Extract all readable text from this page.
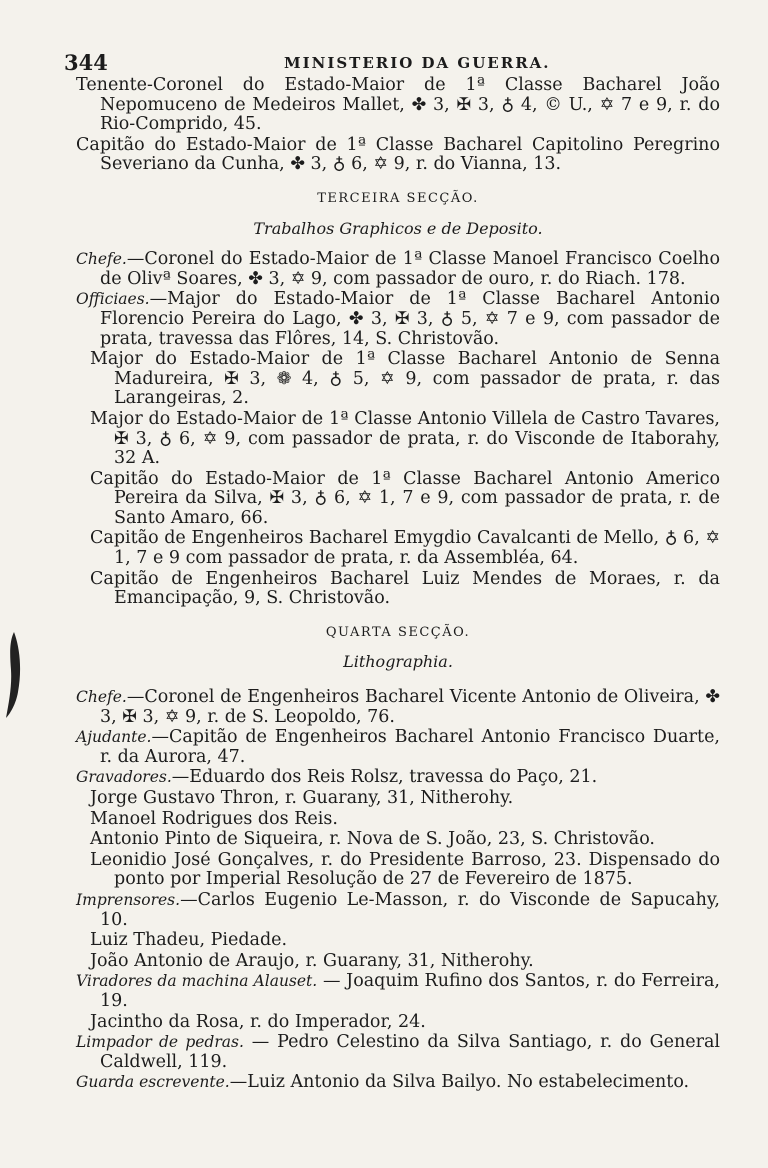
344	MINISTERIO DA GUERRA.

Tenente-Coronel do Estado-Maior de 1ª Classe Bacharel João Nepomuceno de Medeiros Mallet, ✤ 3, ✠ 3, ♁ 4, © U., ✡ 7 e 9, r. do Rio-Comprido, 45.

Capitão do Estado-Maior de 1ª Classe Bacharel Capitolino Peregrino Severiano da Cunha, ✤ 3, ♁ 6, ✡ 9, r. do Vianna, 13.

TERCEIRA SECÇÃO.
Trabalhos Graphicos e de Deposito.

Chefe.—Coronel do Estado-Maior de 1ª Classe Manoel Francisco Coelho de Olivª Soares, ✤ 3, ✡ 9, com passador de ouro, r. do Riach. 178.

Officiaes.—Major do Estado-Maior de 1ª Classe Bacharel Antonio Florencio Pereira do Lago, ✤ 3, ✠ 3, ♁ 5, ✡ 7 e 9, com passador de prata, travessa das Flôres, 14, S. Christovão.

Major do Estado-Maior de 1ª Classe Bacharel Antonio de Senna Madureira, ✠ 3, ❁ 4, ♁ 5, ✡ 9, com passador de prata, r. das Larangeiras, 2.

Major do Estado-Maior de 1ª Classe Antonio Villela de Castro Tavares, ✠ 3, ♁ 6, ✡ 9, com passador de prata, r. do Visconde de Itaborahy, 32 A.

Capitão do Estado-Maior de 1ª Classe Bacharel Antonio Americo Pereira da Silva, ✠ 3, ♁ 6, ✡ 1, 7 e 9, com passador de prata, r. de Santo Amaro, 66.

Capitão de Engenheiros Bacharel Emygdio Cavalcanti de Mello, ♁ 6, ✡ 1, 7 e 9 com passador de prata, r. da Assembléa, 64.

Capitão de Engenheiros Bacharel Luiz Mendes de Moraes, r. da Emancipação, 9, S. Christovão.

QUARTA SECÇÃO.
Lithographia.

Chefe.—Coronel de Engenheiros Bacharel Vicente Antonio de Oliveira, ✤ 3, ✠ 3, ✡ 9, r. de S. Leopoldo, 76.

Ajudante.—Capitão de Engenheiros Bacharel Antonio Francisco Duarte, r. da Aurora, 47.

Gravadores.—Eduardo dos Reis Rolsz, travessa do Paço, 21.

Jorge Gustavo Thron, r. Guarany, 31, Nitherohy.

Manoel Rodrigues dos Reis.

Antonio Pinto de Siqueira, r. Nova de S. João, 23, S. Christovão.

Leonidio José Gonçalves, r. do Presidente Barroso, 23. Dispensado do ponto por Imperial Resolução de 27 de Fevereiro de 1875.

Imprensores.—Carlos Eugenio Le-Masson, r. do Visconde de Sapucahy, 10.

Luiz Thadeu, Piedade.

João Antonio de Araujo, r. Guarany, 31, Nitherohy.

Viradores da machina Alauset. — Joaquim Rufino dos Santos, r. do Ferreira, 19.

Jacintho da Rosa, r. do Imperador, 24.

Limpador de pedras. — Pedro Celestino da Silva Santiago, r. do General Caldwell, 119.

Guarda escrevente.—Luiz Antonio da Silva Bailyo. No estabelecimento.
